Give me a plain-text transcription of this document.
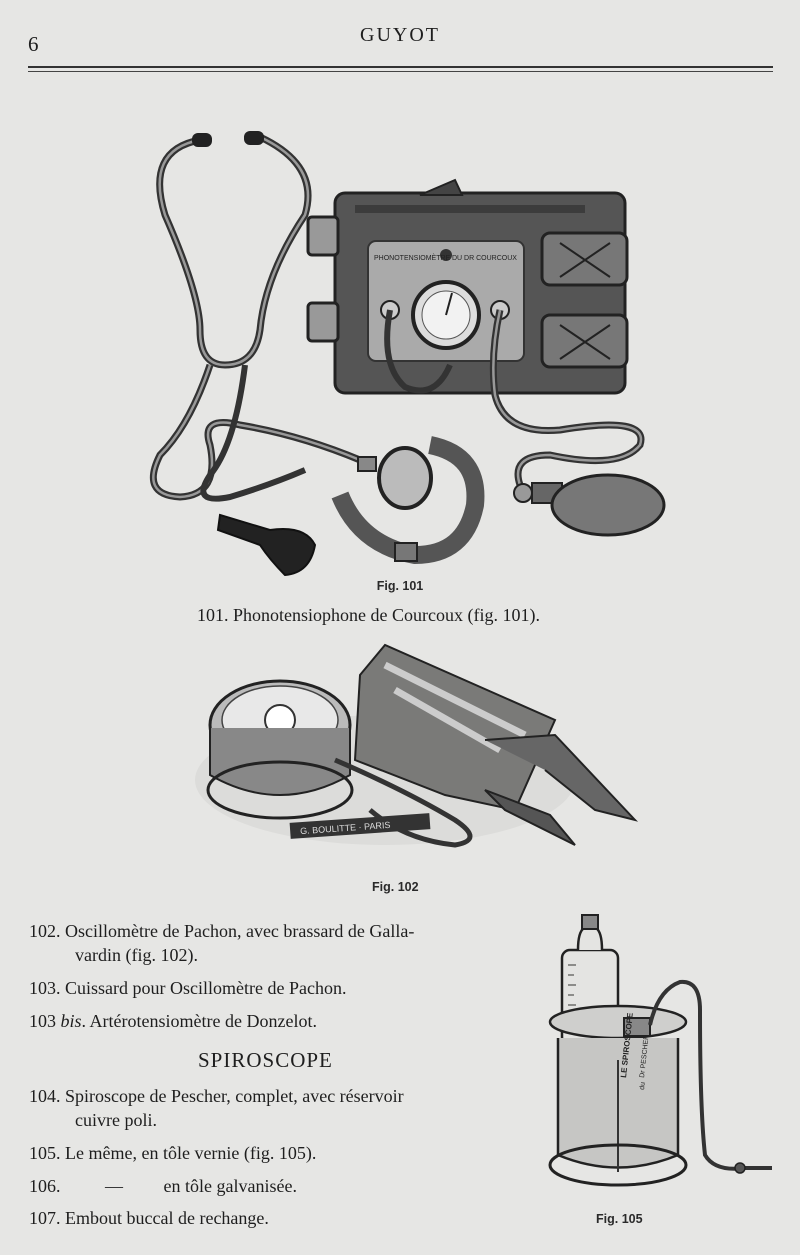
6	GUYOT
PHONOTENSIOMÈTRE DU DR COURCOUX
Fig. 101
101. Phonotensiophone de Courcoux (fig. 101).
G. BOULITTE · PARIS
Fig. 102
102. Oscillomètre de Pachon, avec brassard de Galla-
vardin (fig. 102).
103. Cuissard pour Oscillomètre de Pachon.
103 bis. Artérotensiomètre de Donzelot.
SPIROSCOPE
104. Spiroscope de Pescher, complet, avec réservoir
cuivre poli.
105. Le même, en tôle vernie (fig. 105).
106. — en tôle galvanisée.
107. Embout buccal de rechange.
LE SPIROSCOPE
du
Dr PESCHER
Fig. 105
